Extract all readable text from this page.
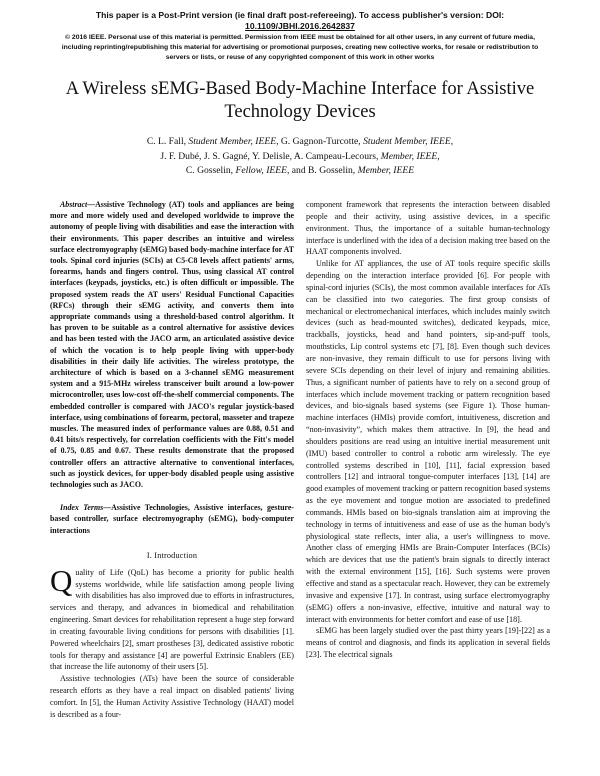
This paper is a Post-Print version (ie final draft post-refereeing). To access publisher's version: DOI:
10.1109/JBHI.2016.2642837
© 2016 IEEE. Personal use of this material is permitted. Permission from IEEE must be obtained for all other users, in any current of future media, including reprinting/republishing this material for advertising or promotional purposes, creating new collective works, for resale or redistribution to servers or lists, or reuse of any copyrighted component of this work in other works
A Wireless sEMG-Based Body-Machine Interface for Assistive Technology Devices
C. L. Fall, Student Member, IEEE, G. Gagnon-Turcotte, Student Member, IEEE,
J. F. Dubé, J. S. Gagné, Y. Delisle, A. Campeau-Lecours, Member, IEEE,
C. Gosselin, Fellow, IEEE, and B. Gosselin, Member, IEEE

Abstract—Assistive Technology (AT) tools and appliances are being more and more widely used and developed worldwide to improve the autonomy of people living with disabilities and ease the interaction with their environments. This paper describes an intuitive and wireless surface electromyography (sEMG) based body-machine interface for AT tools. Spinal cord injuries (SCIs) at C5-C8 levels affect patients' arms, forearms, hands and fingers control. Thus, using classical AT control interfaces (keypads, joysticks, etc.) is often difficult or impossible. The proposed system reads the AT users' Residual Functional Capacities (RFCs) through their sEMG activity, and converts them into appropriate commands using a threshold-based control algorithm. It has proven to be suitable as a control alternative for assistive devices and has been tested with the JACO arm, an articulated assistive device of which the vocation is to help people living with upper-body disabilities in their daily life activities. The wireless prototype, the architecture of which is based on a 3-channel sEMG measurement system and a 915-MHz wireless transceiver built around a low-power microcontroller, uses low-cost off-the-shelf commercial components. The embedded controller is compared with JACO's regular joystick-based interface, using combinations of forearm, pectoral, masseter and trapeze muscles. The measured index of performance values are 0.88, 0.51 and 0.41 bits/s respectively, for correlation coefficients with the Fitt's model of 0.75, 0.85 and 0.67. These results demonstrate that the proposed controller offers an attractive alternative to conventional interfaces, such as joystick devices, for upper-body disabled people using assistive technologies such as JACO.

Index Terms—Assistive Technologies, Assistive interfaces, gesture-based controller, surface electromyography (sEMG), body-computer interactions

I. Introduction

Quality of Life (QoL) has become a priority for public health systems worldwide, while life satisfaction among people living with disabilities has also improved due to efforts in infrastructures, services and therapy, and advances in biomedical and rehabilitation engineering. Smart devices for rehabilitation represent a huge step forward in creating favourable living conditions for persons with disabilities [1]. Powered wheelchairs [2], smart prostheses [3], dedicated assistive robotic tools for therapy and assistance [4] are powerful Extrinsic Enablers (EE) that increase the life autonomy of their users [5].

Assistive technologies (ATs) have been the source of considerable research efforts as they have a real impact on disabled patients' living comfort. In [5], the Human Activity Assistive Technology (HAAT) model is described as a four-

component framework that represents the interaction between disabled people and their activity, using assistive devices, in a specific environment. Thus, the importance of a suitable human-technology interface is underlined with the idea of a decision making tree based on the HAAT components involved.

Unlike for AT appliances, the use of AT tools require specific skills depending on the interaction interface provided [6]. For people with spinal-cord injuries (SCIs), the most common available interfaces for ATs can be classified into two categories. The first group consists of mechanical or electromechanical interfaces, which includes mainly switch devices (such as head-mounted switches), dedicated keypads, mice, trackballs, joysticks, head and hand pointers, sip-and-puff tools, mouthsticks, Lip control systems etc [7], [8]. Even though such devices are non-invasive, they remain difficult to use for persons living with severe SCIs depending on their level of injury and remaining abilities. Thus, a significant number of patients have to rely on a second group of interfaces which include movement tracking or pattern recognition based devices, and bio-signals based systems (see Figure 1). Those human-machine interfaces (HMIs) provide comfort, intuitiveness, discretion and “non-invasivity”, which makes them attractive. In [9], the head and shoulders positions are read using an intuitive inertial measurement unit (IMU) based controller to control a robotic arm wirelessly. The eye controlled systems described in [10], [11], facial expression based controllers [12] and intraoral tongue-computer interfaces [13], [14] are good examples of movement tracking or pattern recognition based systems as the eye movement and tongue motion are associated to predefined commands. HMIs based on bio-signals translation aim at improving the technology in terms of intuitiveness and ease of use as the human body's physiological state reflects, inter alia, a user's willingness to move. Another class of emerging HMIs are Brain-Computer Interfaces (BCIs) which are devices that use the patient's brain signals to directly interact with the external environment [15], [16]. Such systems were proven effective and stand as a spectacular reach. However, they can be extremely invasive and expensive [17]. In contrast, using surface electromyography (sEMG) offers a non-invasive, effective, intuitive and natural way to interact with environments for better comfort and ease of use [18].

sEMG has been largely studied over the past thirty years [19]-[22] as a means of control and diagnosis, and finds its application in several fields [23]. The electrical signals
